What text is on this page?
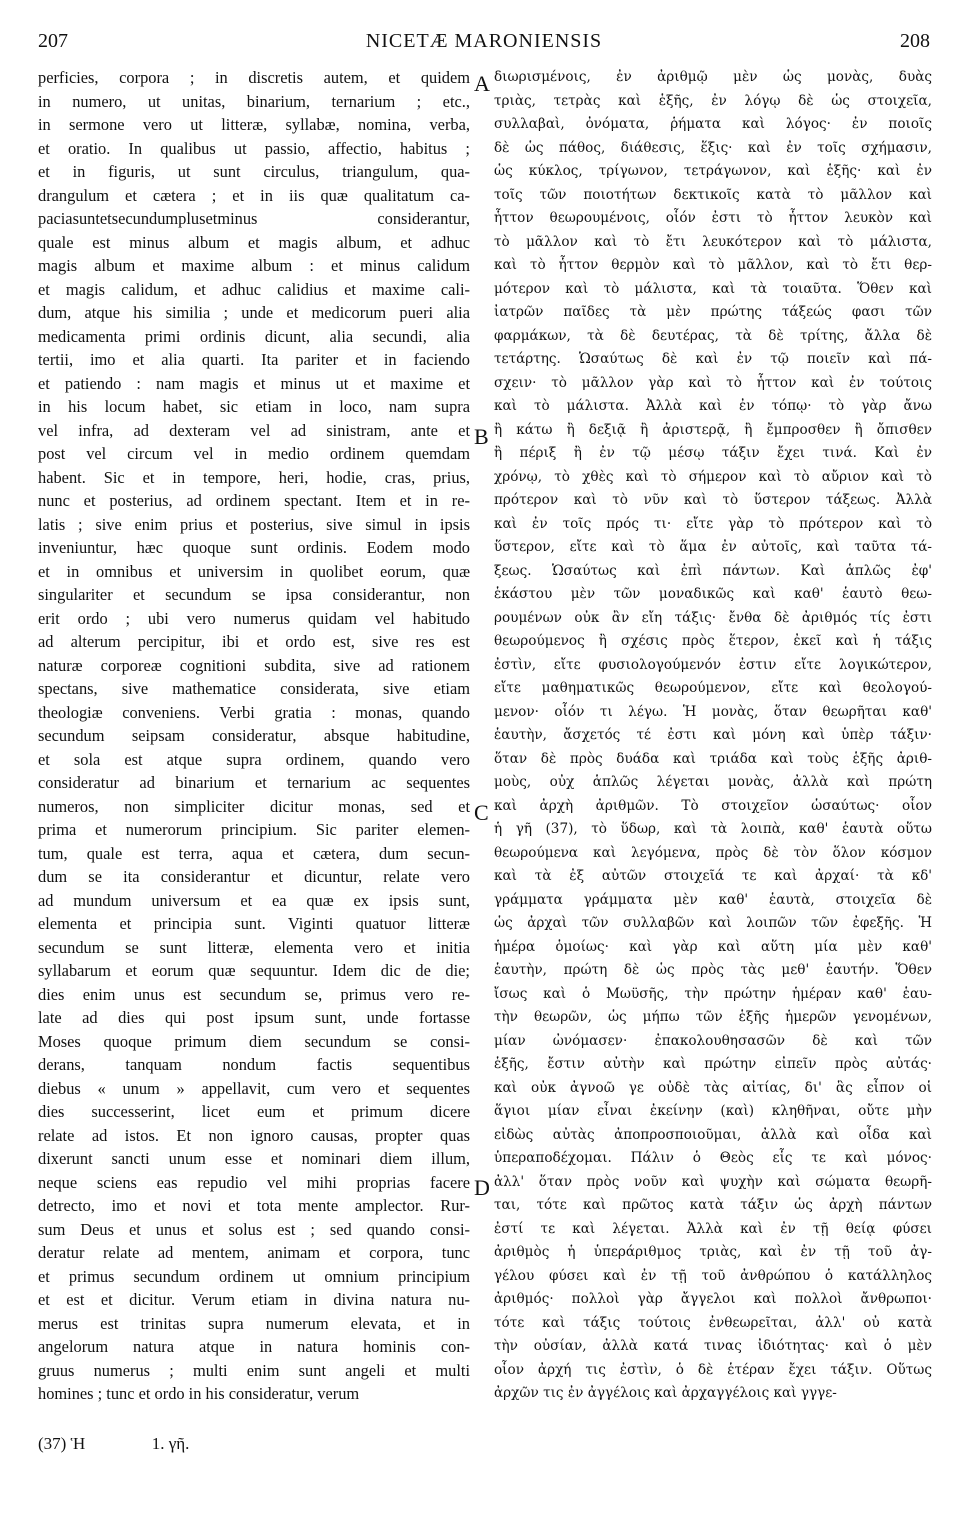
207	NICETÆ MARONIENSIS	208
perficies, corpora ; in discretis autem, et quidem
in numero, ut unitas, binarium, ternarium ; etc.,
in sermone vero ut litteræ, syllabæ, nomina, verba,
et oratio. In qualibus ut passio, affectio, habitus ;
et in figuris, ut sunt circulus, triangulum, qua-
drangulum et cætera ; et in iis quæ qualitatum ca-
paciasuntetsecundumplusetminus considerantur,
quale est minus album et magis album, et adhuc
magis album et maxime album : et minus calidum
et magis calidum, et adhuc calidius et maxime cali-
dum, atque his similia ; unde et medicorum pueri alia
medicamenta primi ordinis dicunt, alia secundi, alia
tertii, imo et alia quarti. Ita pariter et in faciendo
et patiendo : nam magis et minus ut et maxime et
in his locum habet, sic etiam in loco, nam supra
vel infra, ad dexteram vel ad sinistram, ante et
post vel circum vel in medio ordinem quemdam
habent. Sic et in tempore, heri, hodie, cras, prius,
nunc et posterius, ad ordinem spectant. Item et in re-
latis ; sive enim prius et posterius, sive simul in ipsis
inveniuntur, hæc quoque sunt ordinis. Eodem modo
et in omnibus et universim in quolibet eorum, quæ
singulariter et secundum se ipsa considerantur, non
erit ordo ; ubi vero numerus quidam vel habitudo
ad alterum percipitur, ibi et ordo est, sive res est
naturæ corporeæ cognitioni subdita, sive ad rationem
spectans, sive mathematice considerata, sive etiam
theologiæ conveniens. Verbi gratia : monas, quando
secundum seipsam consideratur, absque habitudine,
et sola est atque supra ordinem, quando vero
consideratur ad binarium et ternarium ac sequentes
numeros, non simpliciter dicitur monas, sed et
prima et numerorum principium. Sic pariter elemen-
tum, quale est terra, aqua et cætera, dum secun-
dum se ita considerantur et dicuntur, relate vero
ad mundum universum et ea quæ ex ipsis sunt,
elementa et principia sunt. Viginti quatuor litteræ
secundum se sunt litteræ, elementa vero et initia
syllabarum et eorum quæ sequuntur. Idem dic de die;
dies enim unus est secundum se, primus vero re-
late ad dies qui post ipsum sunt, unde fortasse
Moses quoque primum diem secundum se consi-
derans, tanquam nondum factis sequentibus
diebus « unum » appellavit, cum vero et sequentes
dies successerint, licet eum et primum dicere
relate ad istos. Et non ignoro causas, propter quas
dixerunt sancti unum esse et nominari diem illum,
neque sciens eas repudio vel mihi proprias facere
detrecto, imo et novi et tota mente amplector. Rur-
sum Deus et unus et solus est ; sed quando consi-
deratur relate ad mentem, animam et corpora, tunc
et primus secundum ordinem ut omnium principium
et est et dicitur. Verum etiam in divina natura nu-
merus est trinitas supra numerum elevata, et in
angelorum natura atque in natura hominis con-
gruus numerus ; multi enim sunt angeli et multi
homines ; tunc et ordo in his consideratur, verum
διωρισμένοις, ἐν ἀριθμῷ μὲν ὡς μονὰς, δυὰς
τριὰς, τετρὰς καὶ ἑξῆς, ἐν λόγῳ δὲ ὡς στοιχεῖα,
συλλαβαὶ, ὀνόματα, ῥήματα καὶ λόγος· ἐν ποιοῖς
δὲ ὡς πάθος, διάθεσις, ἕξις· καὶ ἐν τοῖς σχήμασιν,
ὡς κύκλος, τρίγωνον, τετράγωνον, καὶ ἑξῆς· καὶ ἐν
τοῖς τῶν ποιοτήτων δεκτικοῖς κατὰ τὸ μᾶλλον καὶ
ἧττον θεωρουμένοις, οἷόν ἐστι τὸ ἧττον λευκὸν καὶ
τὸ μᾶλλον καὶ τὸ ἔτι λευκότερον καὶ τὸ μάλιστα,
καὶ τὸ ἧττον θερμὸν καὶ τὸ μᾶλλον, καὶ τὸ ἔτι θερ-
μότερον καὶ τὸ μάλιστα, καὶ τὰ τοιαῦτα. Ὅθεν καὶ
ἰατρῶν παῖδες τὰ μὲν πρώτης τάξεώς φασι τῶν
φαρμάκων, τὰ δὲ δευτέρας, τὰ δὲ τρίτης, ἄλλα δὲ
τετάρτης. Ὡσαύτως δὲ καὶ ἐν τῷ ποιεῖν καὶ πά-
σχειν· τὸ μᾶλλον γὰρ καὶ τὸ ἧττον καὶ ἐν τούτοις
καὶ τὸ μάλιστα. Ἀλλὰ καὶ ἐν τόπῳ· τὸ γὰρ ἄνω
ἢ κάτω ἢ δεξιᾷ ἢ ἀριστερᾷ, ἢ ἔμπροσθεν ἢ ὄπισθεν
ἢ πέριξ ἢ ἐν τῷ μέσῳ τάξιν ἔχει τινά. Καὶ ἐν
χρόνῳ, τὸ χθὲς καὶ τὸ σήμερον καὶ τὸ αὔριον καὶ τὸ
πρότερον καὶ τὸ νῦν καὶ τὸ ὕστερον τάξεως. Ἀλλὰ
καὶ ἐν τοῖς πρός τι· εἴτε γὰρ τὸ πρότερον καὶ τὸ
ὕστερον, εἴτε καὶ τὸ ἅμα ἐν αὐτοῖς, καὶ ταῦτα τά-
ξεως. Ὡσαύτως καὶ ἐπὶ πάντων. Καὶ ἁπλῶς ἐφ'
ἑκάστου μὲν τῶν μοναδικῶς καὶ καθ' ἑαυτὸ θεω-
ρουμένων οὐκ ἂν εἴη τάξις· ἔνθα δὲ ἀριθμός τίς ἐστι
θεωρούμενος ἢ σχέσις πρὸς ἕτερον, ἐκεῖ καὶ ἡ τάξις
ἐστὶν, εἴτε φυσιολογούμενόν ἐστιν εἴτε λογικώτερον,
εἴτε μαθηματικῶς θεωρούμενον, εἴτε καὶ θεολογού-
μενον· οἷόν τι λέγω. Ἡ μονὰς, ὅταν θεωρῆται καθ'
ἑαυτὴν, ἄσχετός τέ ἐστι καὶ μόνη καὶ ὑπὲρ τάξιν·
ὅταν δὲ πρὸς δυάδα καὶ τριάδα καὶ τοὺς ἑξῆς ἀριθ-
μοὺς, οὐχ ἁπλῶς λέγεται μονὰς, ἀλλὰ καὶ πρώτη
καὶ ἀρχὴ ἀριθμῶν. Τὸ στοιχεῖον ὡσαύτως· οἷον
ἡ γῆ (37), τὸ ὕδωρ, καὶ τὰ λοιπὰ, καθ' ἑαυτὰ οὕτω
θεωρούμενα καὶ λεγόμενα, πρὸς δὲ τὸν ὅλον κόσμον
καὶ τὰ ἐξ αὐτῶν στοιχεῖά τε καὶ ἀρχαί· τὰ κδ'
γράμματα γράμματα μὲν καθ' ἑαυτὰ, στοιχεῖα δὲ
ὡς ἀρχαὶ τῶν συλλαβῶν καὶ λοιπῶν τῶν ἐφεξῆς. Ἡ
ἡμέρα ὁμοίως· καὶ γὰρ καὶ αὕτη μία μὲν καθ'
ἑαυτὴν, πρώτη δὲ ὡς πρὸς τὰς μεθ' ἑαυτήν. Ὅθεν
ἴσως καὶ ὁ Μωϋσῆς, τὴν πρώτην ἡμέραν καθ' ἑαυ-
τὴν θεωρῶν, ὡς μήπω τῶν ἑξῆς ἡμερῶν γενομένων,
μίαν ὠνόμασεν· ἐπακολουθησασῶν δὲ καὶ τῶν
ἑξῆς, ἔστιν αὐτὴν καὶ πρώτην εἰπεῖν πρὸς αὐτάς·
καὶ οὐκ ἀγνοῶ γε οὐδὲ τὰς αἰτίας, δι' ἃς εἶπον οἱ
ἅγιοι μίαν εἶναι ἐκείνην (καὶ) κληθῆναι, οὔτε μὴν
εἰδὼς αὐτὰς ἀποπροσποιοῦμαι, ἀλλὰ καὶ οἶδα καὶ
ὑπεραποδέχομαι. Πάλιν ὁ Θεὸς εἷς τε καὶ μόνος·
ἀλλ' ὅταν πρὸς νοῦν καὶ ψυχὴν καὶ σώματα θεωρῆ-
ται, τότε καὶ πρῶτος κατὰ τάξιν ὡς ἀρχὴ πάντων
ἐστί τε καὶ λέγεται. Ἀλλὰ καὶ ἐν τῇ θείᾳ φύσει
ἀριθμὸς ἡ ὑπεράριθμος τριὰς, καὶ ἐν τῇ τοῦ ἀγ-
γέλου φύσει καὶ ἐν τῇ τοῦ ἀνθρώπου ὁ κατάλληλος
ἀριθμός· πολλοὶ γὰρ ἄγγελοι καὶ πολλοὶ ἄνθρωποι·
τότε καὶ τάξις τούτοις ἐνθεωρεῖται, ἀλλ' οὐ κατὰ
τὴν οὐσίαν, ἀλλὰ κατά τινας ἰδιότητας· καὶ ὁ μὲν
οἷον ἀρχή τις ἐστὶν, ὁ δὲ ἑτέραν ἔχει τάξιν. Οὕτως
ἀρχῶν τις ἐν ἀγγέλοις καὶ ἀρχαγγέλοις καὶ γγγε-
A
B
C
D
(37) Ἡ	1. γῆ.
